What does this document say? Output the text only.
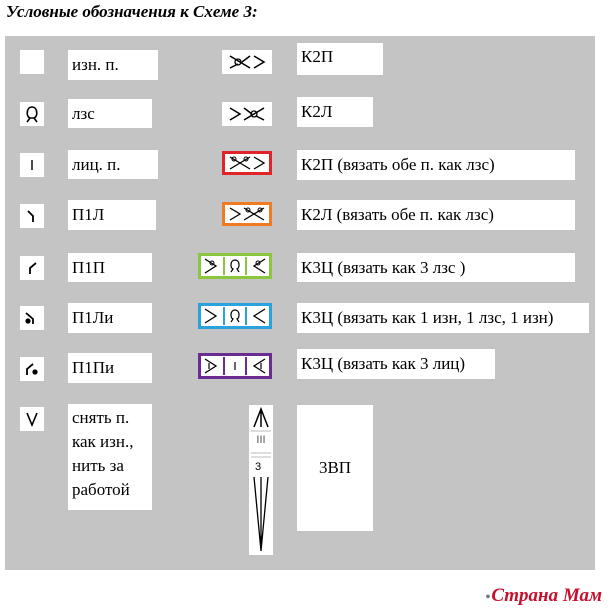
Условные обозначения к Схеме 3:
изн. п.
лзс
лиц. п.
П1Л
П1П
П1Ли
П1Пи
снять п.
как изн.,
нить за
работой
III
3
К2П
К2Л
К2П (вязать обе п. как лзс)
К2Л (вязать обе п. как лзс)
К3Ц (вязать как 3 лзс )
К3Ц (вязать как 1 изн, 1 лзс, 1 изн)
К3Ц (вязать как 3 лиц)
3ВП
•Страна Мам
